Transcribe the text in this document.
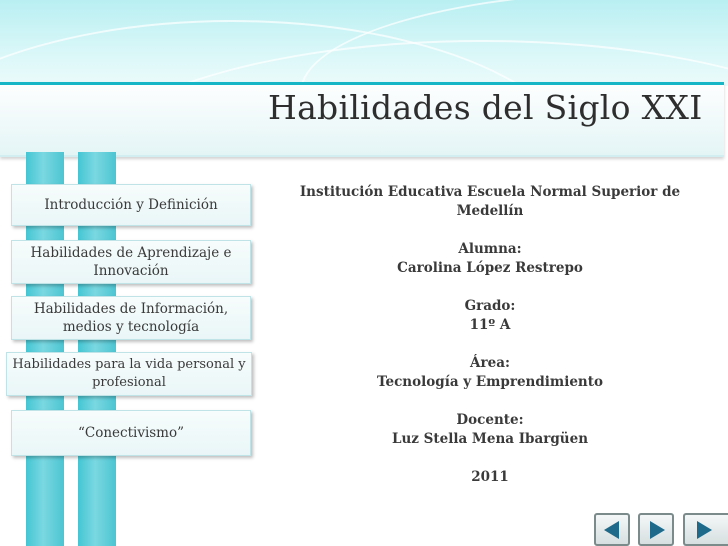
Habilidades del Siglo XXI
Introducción y Definición
Habilidades de Aprendizaje e
Innovación
Habilidades de Información,
medios y tecnología
Habilidades para la vida personal y
profesional
“Conectivismo”
Institución Educativa Escuela Normal Superior de
Medellín
Alumna:
Carolina López Restrepo
Grado:
11º A
Área:
Tecnología y Emprendimiento
Docente:
Luz Stella Mena Ibargüen
2011
